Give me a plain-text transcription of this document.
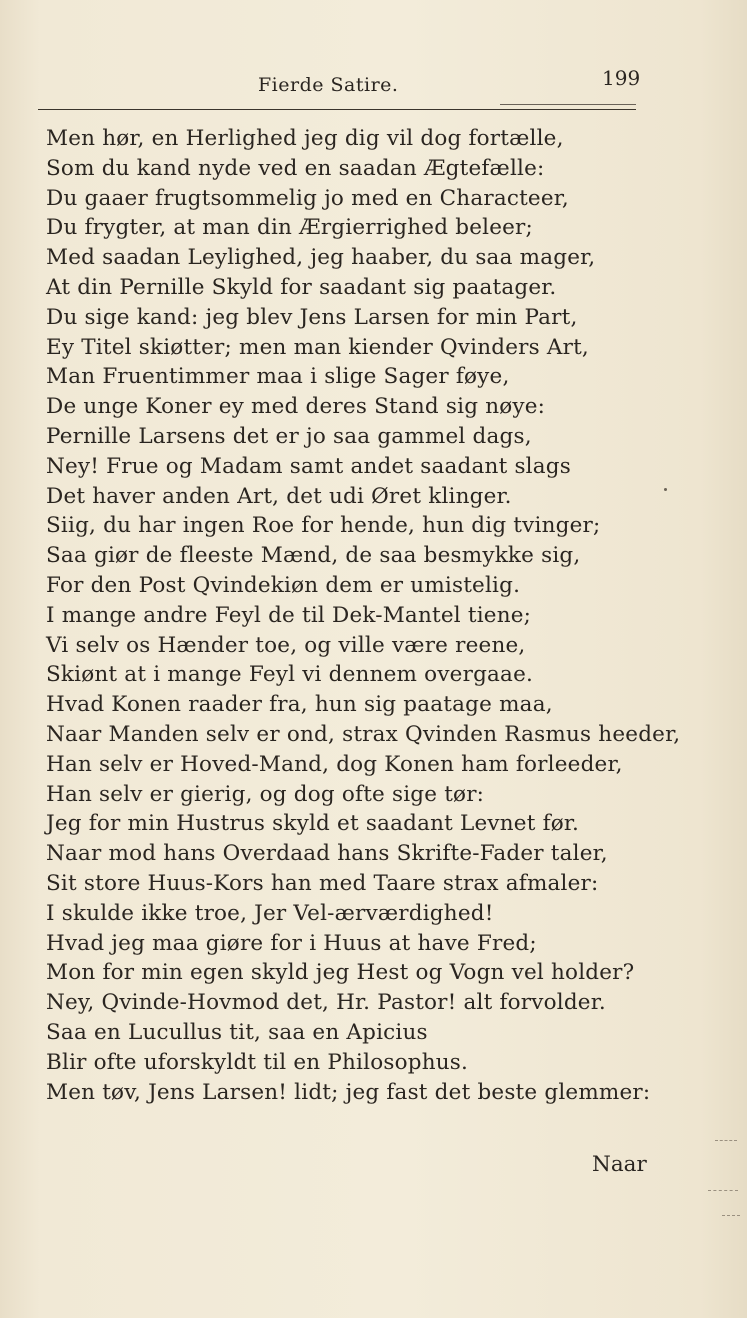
Fierde Satire.	199
Men hør, en Herlighed jeg dig vil dog fortælle,
Som du kand nyde ved en saadan Ægtefælle:
Du gaaer frugtsommelig jo med en Characteer,
Du frygter, at man din Ærgierrighed beleer;
Med saadan Leylighed, jeg haaber, du saa mager,
At din Pernille Skyld for saadant sig paatager.
Du sige kand: jeg blev Jens Larsen for min Part,
Ey Titel skiøtter; men man kiender Qvinders Art,
Man Fruentimmer maa i slige Sager føye,
De unge Koner ey med deres Stand sig nøye:
Pernille Larsens det er jo saa gammel dags,
Ney! Frue og Madam samt andet saadant slags
Det haver anden Art, det udi Øret klinger.
Siig, du har ingen Roe for hende, hun dig tvinger;
Saa giør de fleeste Mænd, de saa besmykke sig,
For den Post Qvindekiøn dem er umistelig.
I mange andre Feyl de til Dek-Mantel tiene;
Vi selv os Hænder toe, og ville være reene,
Skiønt at i mange Feyl vi dennem overgaae.
Hvad Konen raader fra, hun sig paatage maa,
Naar Manden selv er ond, strax Qvinden Rasmus heeder,
Han selv er Hoved-Mand, dog Konen ham forleeder,
Han selv er gierig, og dog ofte sige tør:
Jeg for min Hustrus skyld et saadant Levnet før.
Naar mod hans Overdaad hans Skrifte-Fader taler,
Sit store Huus-Kors han med Taare strax afmaler:
I skulde ikke troe, Jer Vel-ærværdighed!
Hvad jeg maa giøre for i Huus at have Fred;
Mon for min egen skyld jeg Hest og Vogn vel holder?
Ney, Qvinde-Hovmod det, Hr. Pastor! alt forvolder.
Saa en Lucullus tit, saa en Apicius
Blir ofte uforskyldt til en Philosophus.
Men tøv, Jens Larsen! lidt; jeg fast det beste glemmer:
Naar
